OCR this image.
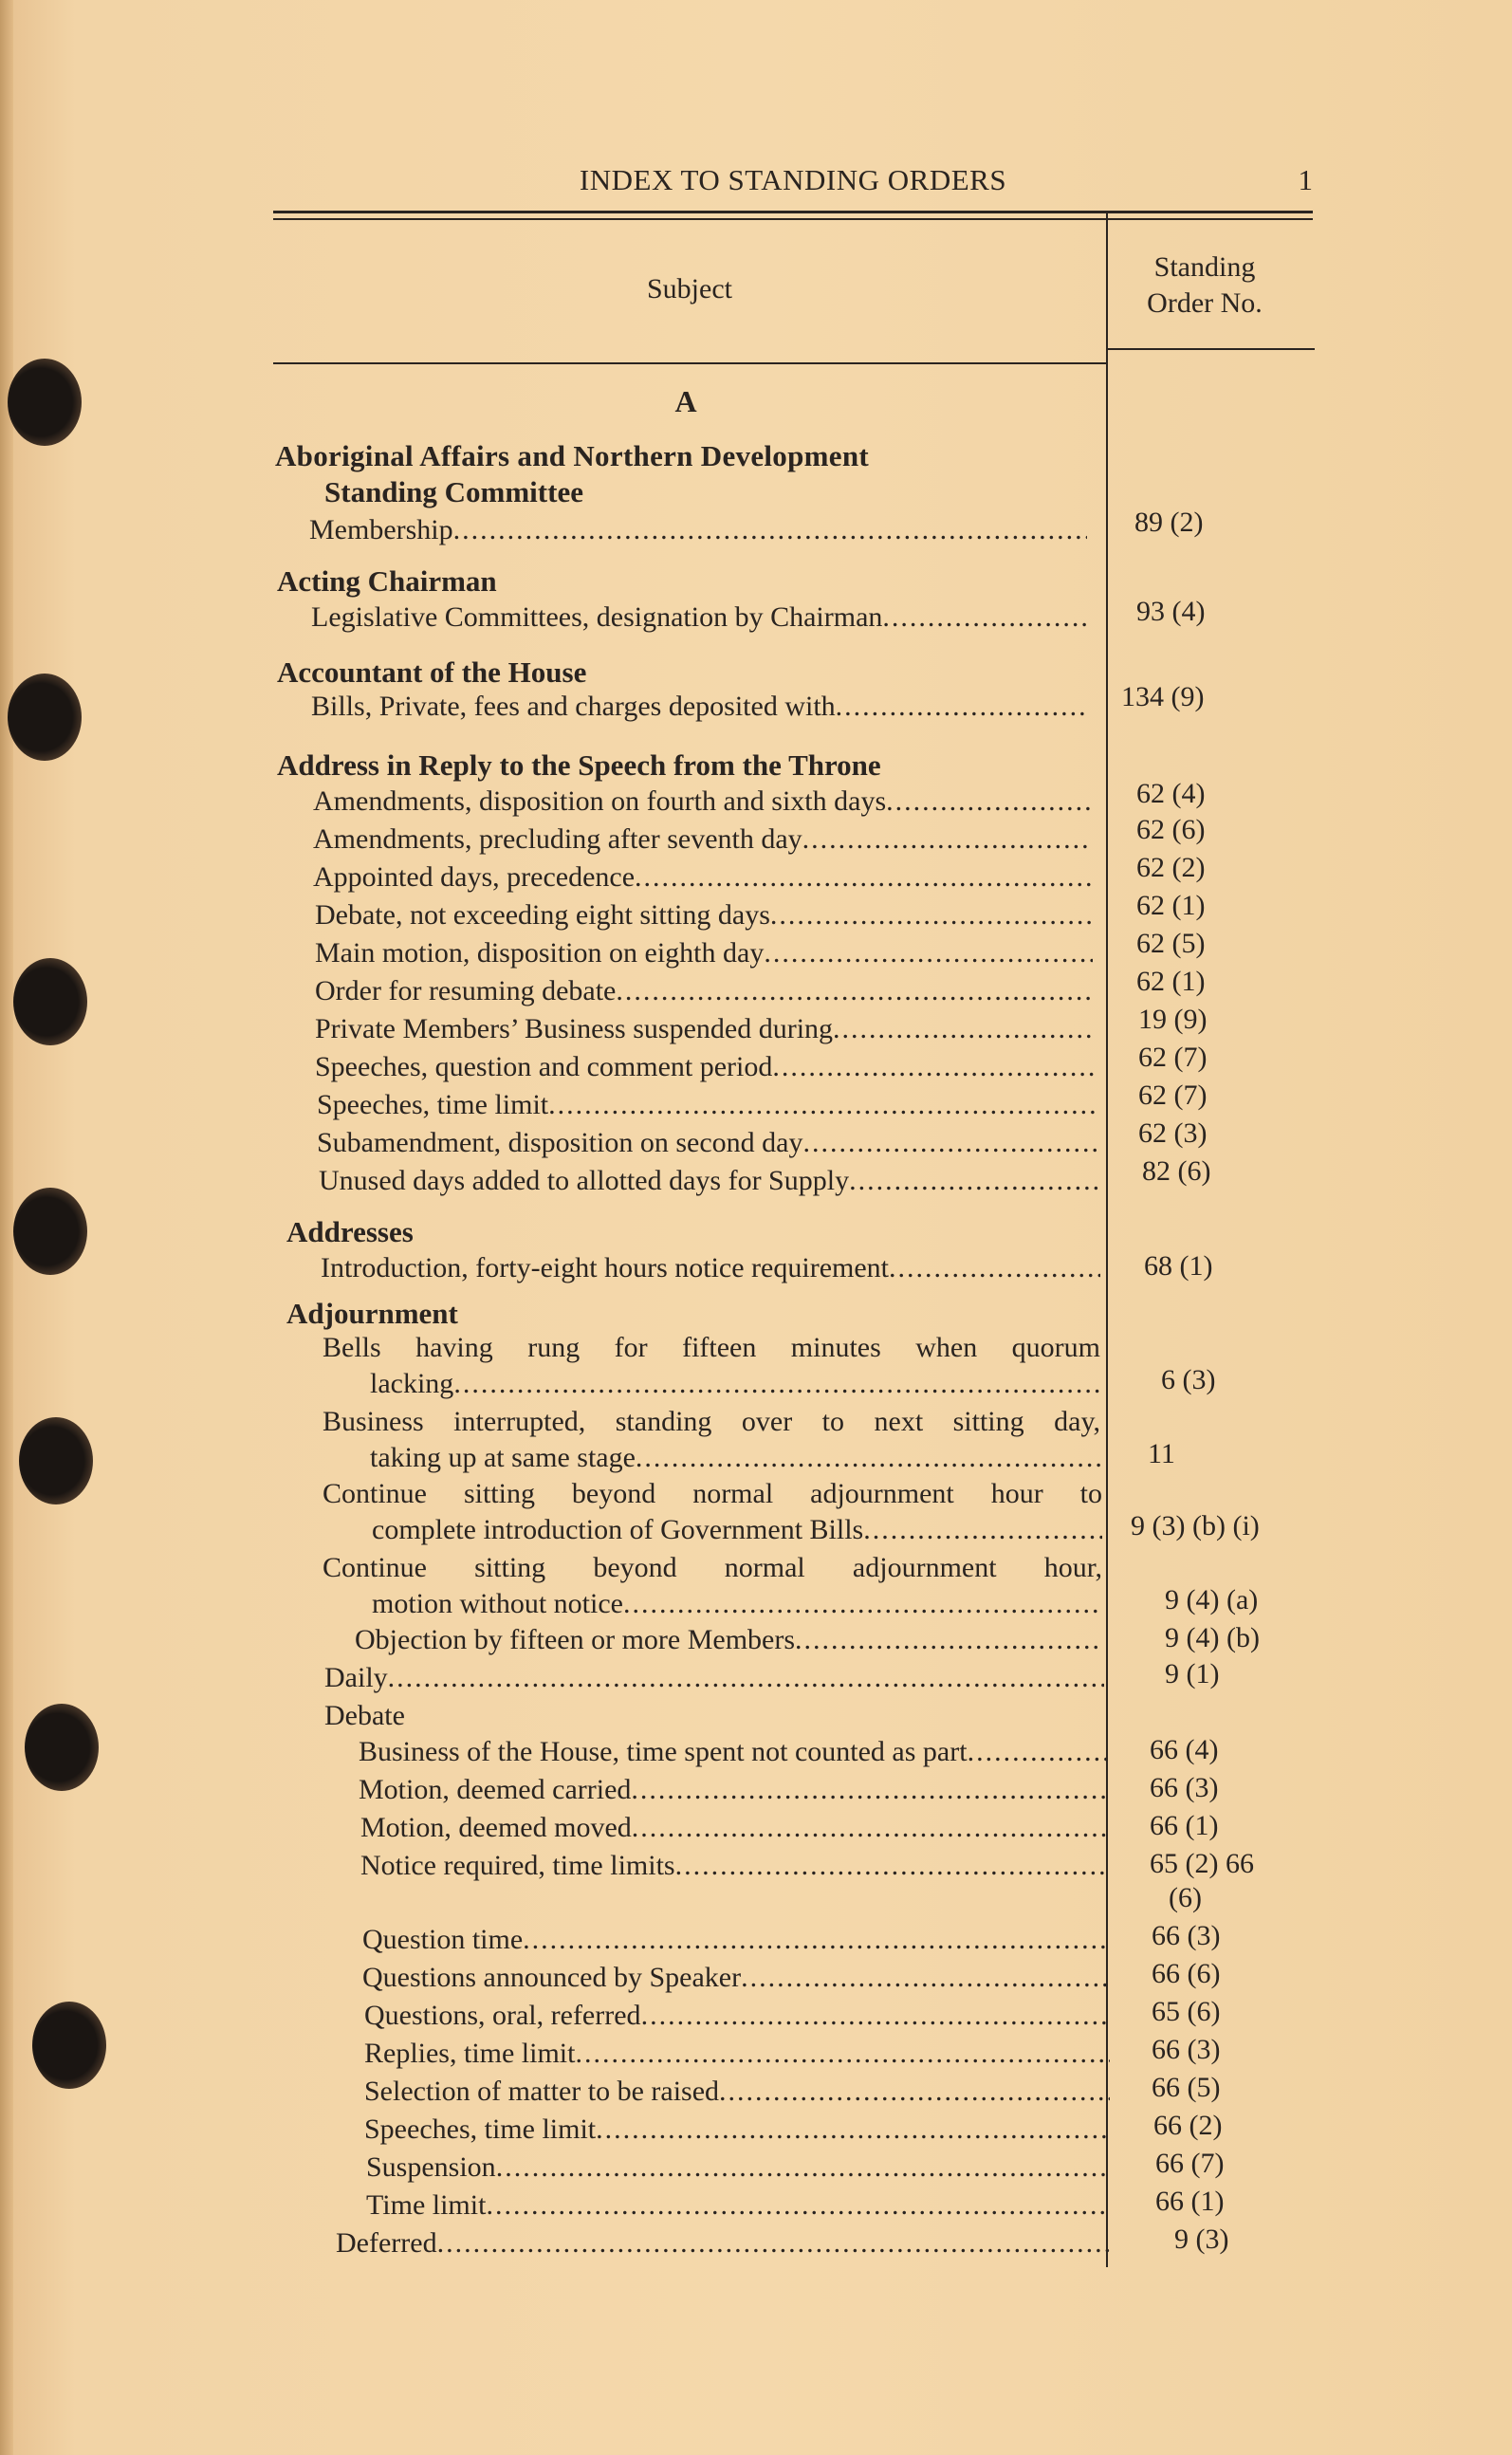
INDEX TO STANDING ORDERS	1
Subject
Standing
Order No.
A
Aboriginal Affairs and Northern Development
Standing Committee
Membership .....	89 (2)
Acting Chairman
Legislative Committees, designation by Chairman .....	93 (4)
Accountant of the House
Bills, Private, fees and charges deposited with .....	134 (9)
Address in Reply to the Speech from the Throne
Amendments, disposition on fourth and sixth days .....	62 (4)
Amendments, precluding after seventh day .....	62 (6)
Appointed days, precedence .....	62 (2)
Debate, not exceeding eight sitting days .....	62 (1)
Main motion, disposition on eighth day .....	62 (5)
Order for resuming debate .....	62 (1)
Private Members’ Business suspended during .....	19 (9)
Speeches, question and comment period .....	62 (7)
Speeches, time limit .....	62 (7)
Subamendment, disposition on second day .....	62 (3)
Unused days added to allotted days for Supply .....	82 (6)
Addresses
Introduction, forty-eight hours notice requirement .....	68 (1)
Adjournment
Bells having rung for fifteen minutes when quorum
lacking .....	6 (3)
Business interrupted, standing over to next sitting day,
taking up at same stage .....	11
Continue sitting beyond normal adjournment hour to
complete introduction of Government Bills .....	9 (3) (b) (i)
Continue sitting beyond normal adjournment hour,
motion without notice .....	9 (4) (a)
Objection by fifteen or more Members .....	9 (4) (b)
Daily .....	9 (1)
Debate
Business of the House, time spent not counted as part .....	66 (4)
Motion, deemed carried .....	66 (3)
Motion, deemed moved .....	66 (1)
Notice required, time limits .....	65 (2) 66
(6)
Question time .....	66 (3)
Questions announced by Speaker .....	66 (6)
Questions, oral, referred .....	65 (6)
Replies, time limit .....	66 (3)
Selection of matter to be raised .....	66 (5)
Speeches, time limit .....	66 (2)
Suspension .....	66 (7)
Time limit .....	66 (1)
Deferred .....	9 (3)
